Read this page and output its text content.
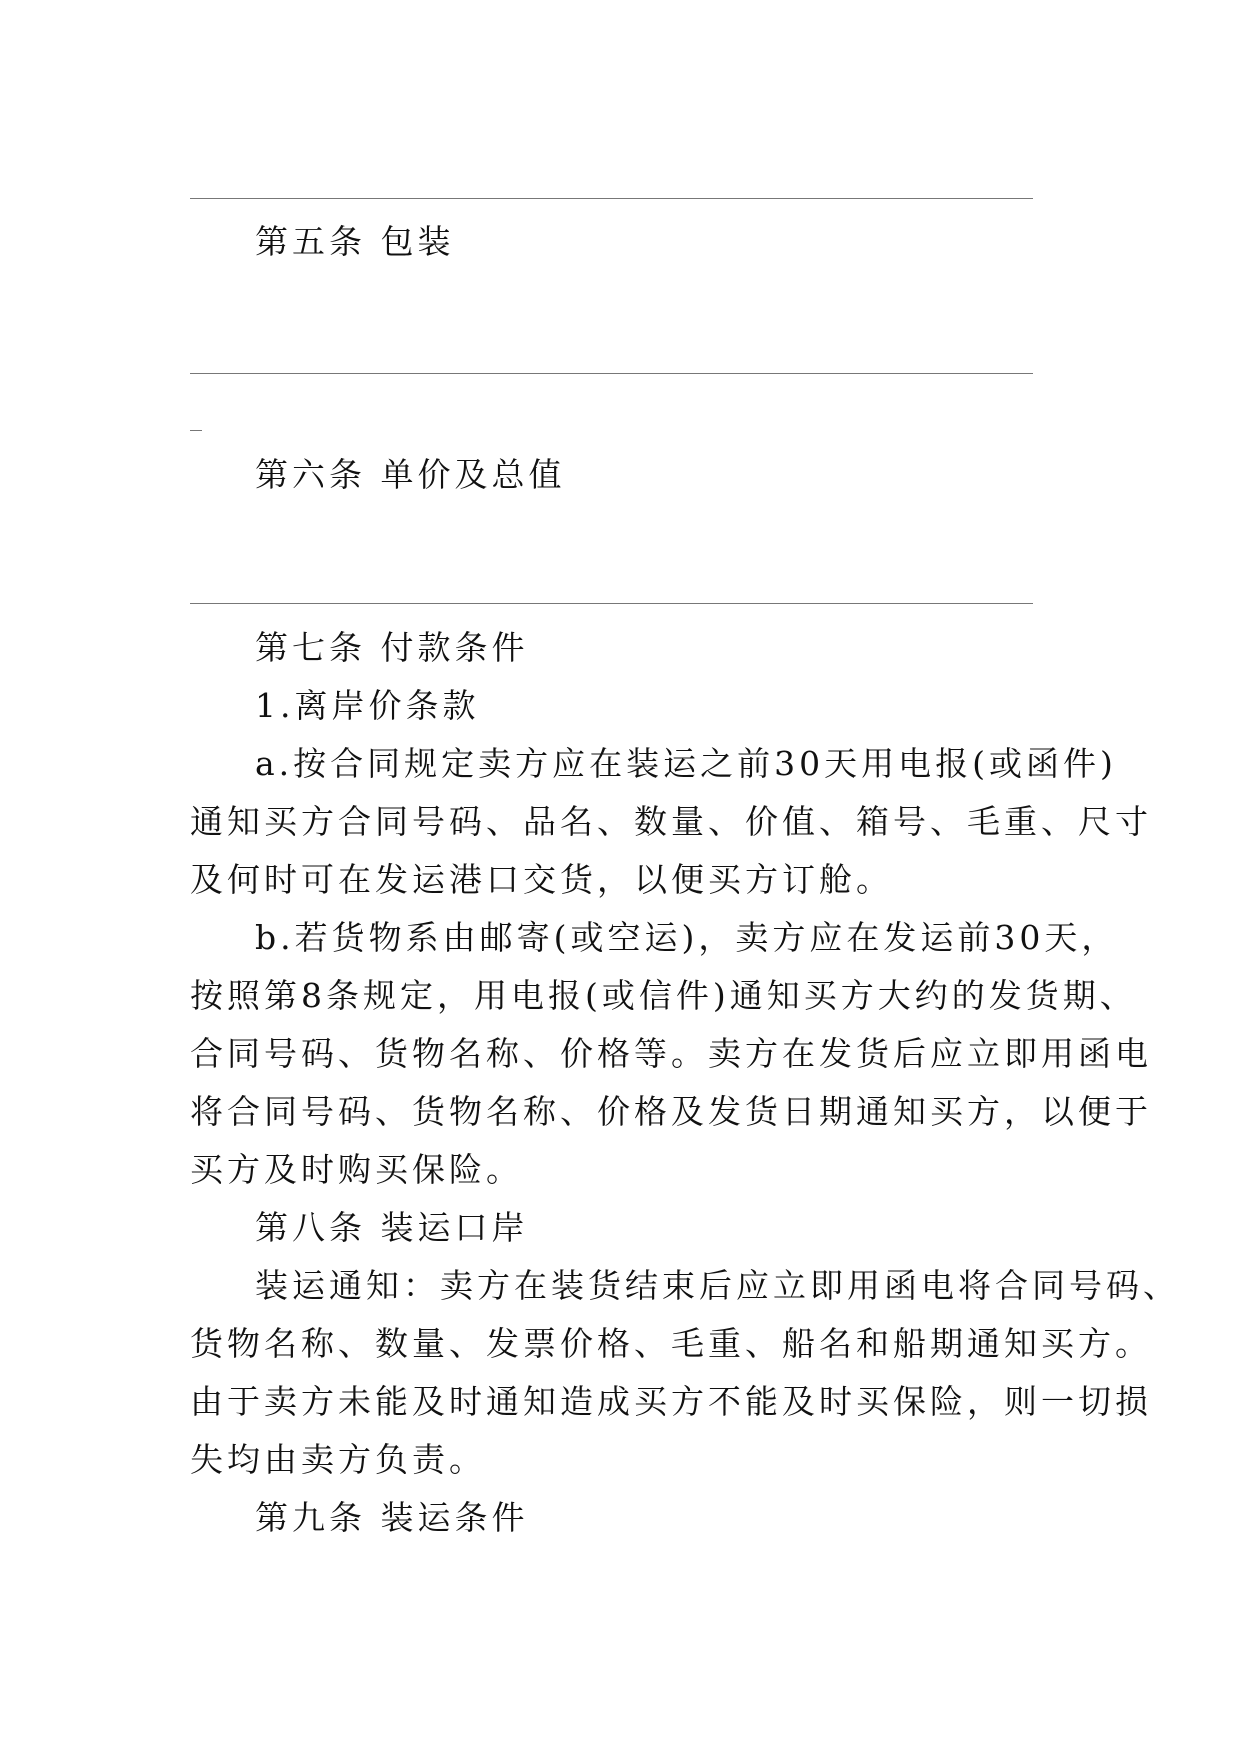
第五条 包装
第六条 单价及总值
第七条 付款条件
1.离岸价条款
a.按合同规定卖方应在装运之前30天用电报(或函件)
通知买方合同号码、品名、数量、价值、箱号、毛重、尺寸
及何时可在发运港口交货，以便买方订舱。
b.若货物系由邮寄(或空运)，卖方应在发运前30天，
按照第8条规定，用电报(或信件)通知买方大约的发货期、
合同号码、货物名称、价格等。卖方在发货后应立即用函电
将合同号码、货物名称、价格及发货日期通知买方，以便于
买方及时购买保险。
第八条 装运口岸
装运通知：卖方在装货结束后应立即用函电将合同号码、
货物名称、数量、发票价格、毛重、船名和船期通知买方。
由于卖方未能及时通知造成买方不能及时买保险，则一切损
失均由卖方负责。
第九条 装运条件
